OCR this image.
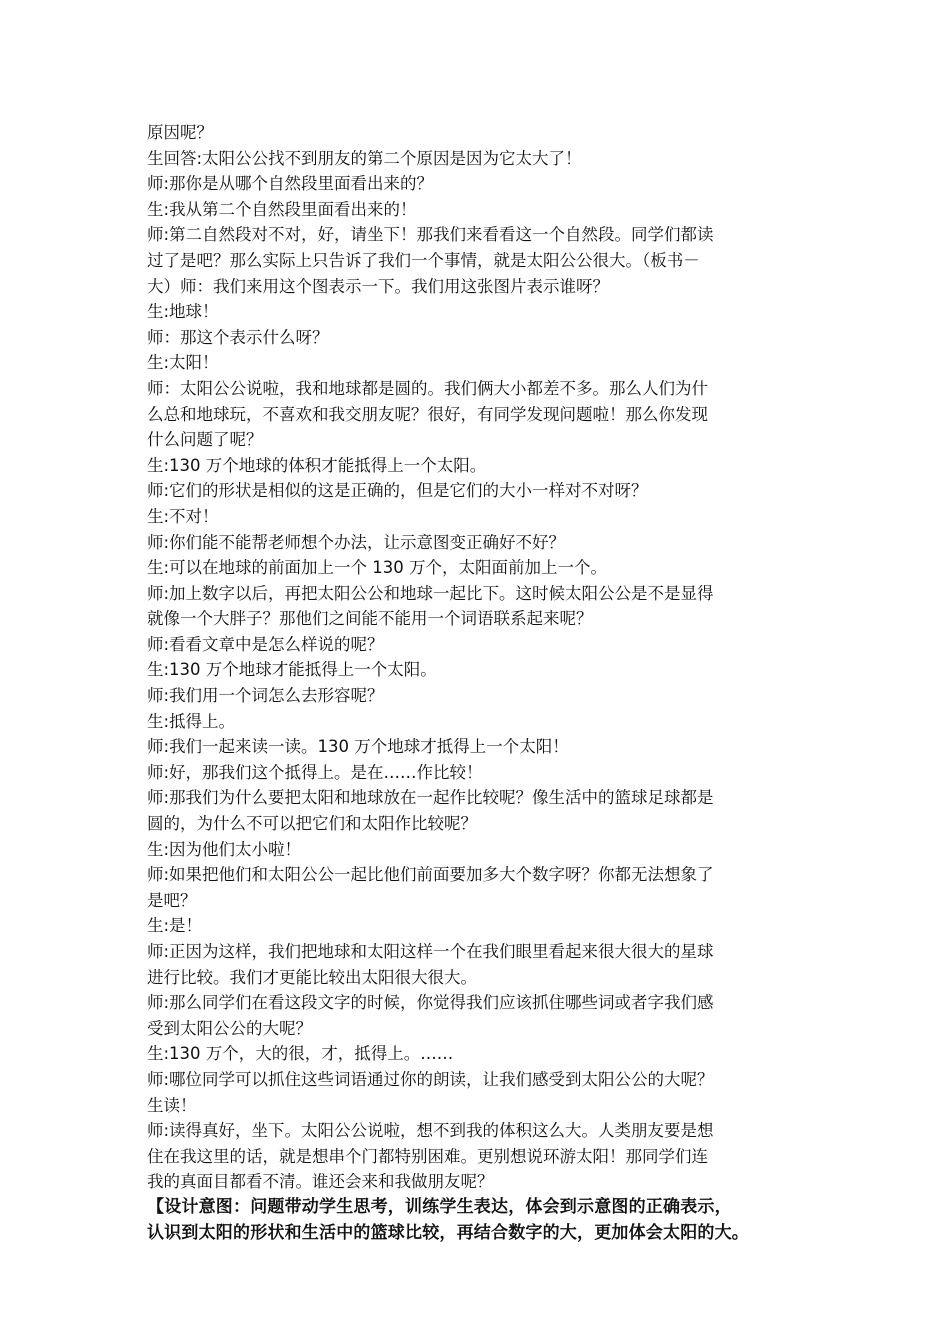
原因呢？
生回答:太阳公公找不到朋友的第二个原因是因为它太大了！
师:那你是从哪个自然段里面看出来的？
生:我从第二个自然段里面看出来的！
师:第二自然段对不对，好，请坐下！那我们来看看这一个自然段。同学们都读
过了是吧？那么实际上只告诉了我们一个事情，就是太阳公公很大。（板书－
大）师：我们来用这个图表示一下。我们用这张图片表示谁呀？
生:地球！
师：那这个表示什么呀？
生:太阳！
师：太阳公公说啦，我和地球都是圆的。我们俩大小都差不多。那么人们为什
么总和地球玩，不喜欢和我交朋友呢？很好，有同学发现问题啦！那么你发现
什么问题了呢？
生:130 万个地球的体积才能抵得上一个太阳。
师:它们的形状是相似的这是正确的，但是它们的大小一样对不对呀？
生:不对！
师:你们能不能帮老师想个办法，让示意图变正确好不好？
生:可以在地球的前面加上一个 130 万个，太阳面前加上一个。
师:加上数字以后，再把太阳公公和地球一起比下。这时候太阳公公是不是显得
就像一个大胖子？那他们之间能不能用一个词语联系起来呢？
师:看看文章中是怎么样说的呢？
生:130 万个地球才能抵得上一个太阳。
师:我们用一个词怎么去形容呢？
生:抵得上。
师:我们一起来读一读。130 万个地球才抵得上一个太阳！
师:好，那我们这个抵得上。是在……作比较！
师:那我们为什么要把太阳和地球放在一起作比较呢？像生活中的篮球足球都是
圆的，为什么不可以把它们和太阳作比较呢？
生:因为他们太小啦！
师:如果把他们和太阳公公一起比他们前面要加多大个数字呀？你都无法想象了
是吧？
生:是！
师:正因为这样，我们把地球和太阳这样一个在我们眼里看起来很大很大的星球
进行比较。我们才更能比较出太阳很大很大。
师:那么同学们在看这段文字的时候，你觉得我们应该抓住哪些词或者字我们感
受到太阳公公的大呢？
生:130 万个，大的很，才，抵得上。……
师:哪位同学可以抓住这些词语通过你的朗读，让我们感受到太阳公公的大呢？
生读！
师:读得真好，坐下。太阳公公说啦，想不到我的体积这么大。人类朋友要是想
住在我这里的话，就是想串个门都特别困难。更别想说环游太阳！那同学们连
我的真面目都看不清。谁还会来和我做朋友呢？
【设计意图：问题带动学生思考，训练学生表达，体会到示意图的正确表示，
认识到太阳的形状和生活中的篮球比较，再结合数字的大，更加体会太阳的大。
